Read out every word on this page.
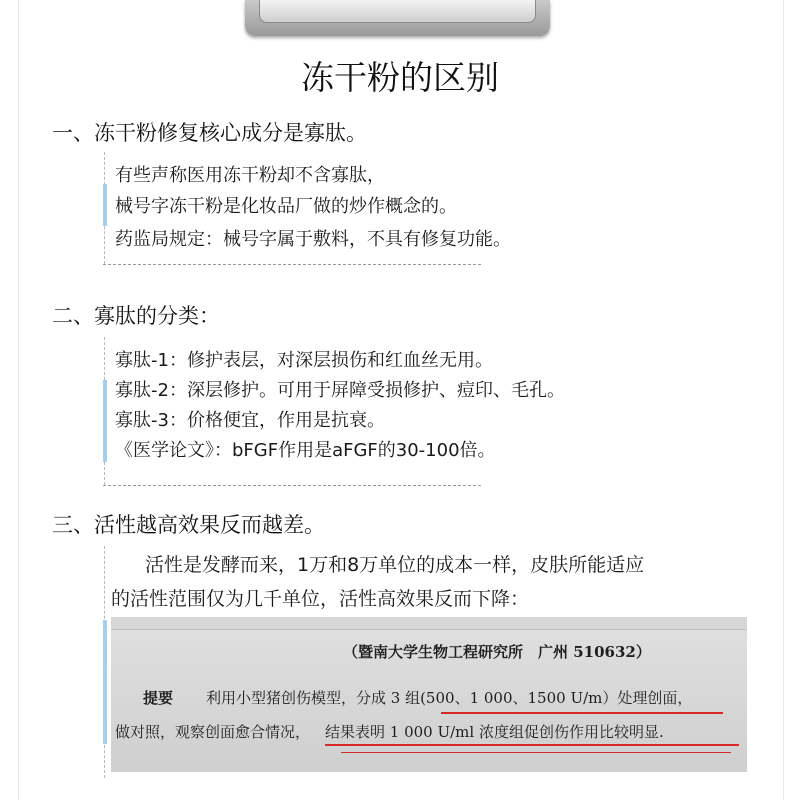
冻干粉的区别
一、冻干粉修复核心成分是寡肽。
有些声称医用冻干粉却不含寡肽，
械号字冻干粉是化妆品厂做的炒作概念的。
药监局规定：械号字属于敷料，不具有修复功能。
二、寡肽的分类：
寡肽-1：修护表层，对深层损伤和红血丝无用。
寡肽-2：深层修护。可用于屏障受损修护、痘印、毛孔。
寡肽-3：价格便宜，作用是抗衰。
《医学论文》：bFGF作用是aFGF的30-100倍。
三、活性越高效果反而越差。
活性是发酵而来，1万和8万单位的成本一样，皮肤所能适应
的活性范围仅为几千单位，活性高效果反而下降：
（暨南大学生物工程研究所　广州 510632）
提要 利用小型猪创伤模型，分成 3 组(500、1 000、1500 U/m）处理创面，
做对照，观察创面愈合情况， 结果表明 1 000 U/ml 浓度组促创伤作用比较明显.
